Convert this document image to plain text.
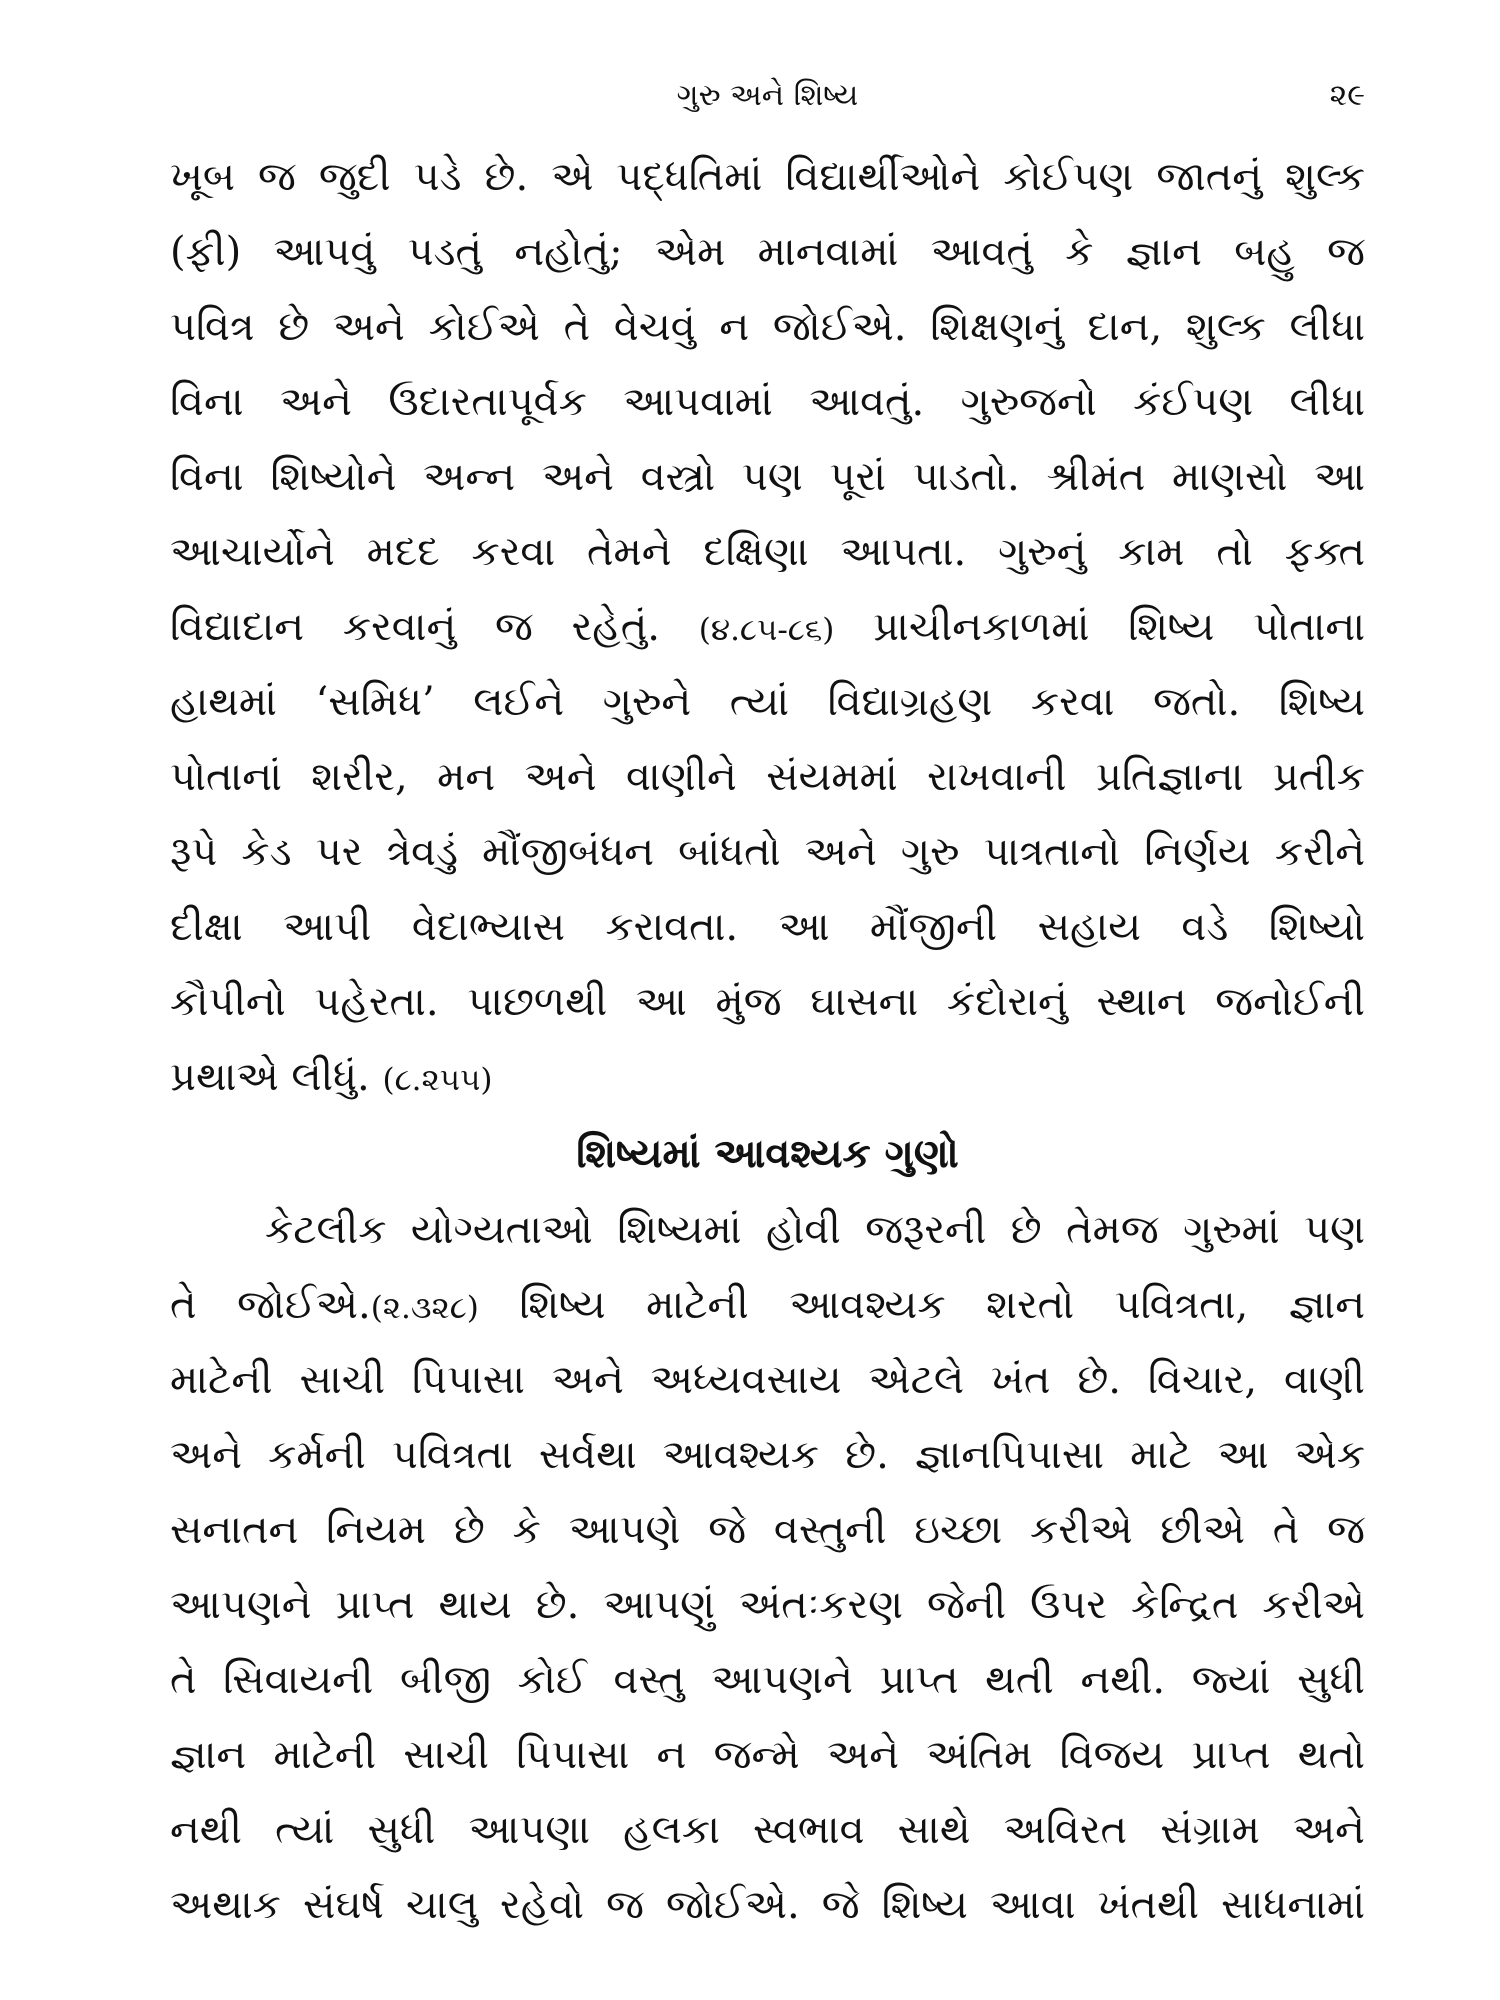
ગુરુ અને શિષ્ય	૨૯
ખૂબ જ જુદી પડે છે. એ પદ્ધતિમાં વિદ્યાર્થીઓને કોઈપણ જાતનું શુલ્ક
(ફી) આપવું પડતું નહોતું; એમ માનવામાં આવતું કે જ્ઞાન બહુ જ
પવિત્ર છે અને કોઈએ તે વેચવું ન જોઈએ. શિક્ષણનું દાન, શુલ્ક લીધા
વિના અને ઉદારતાપૂર્વક આપવામાં આવતું. ગુરુજનો કંઈપણ લીધા
વિના શિષ્યોને અન્ન અને વસ્ત્રો પણ પૂરાં પાડતો. શ્રીમંત માણસો આ
આચાર્યોને મદદ કરવા તેમને દક્ષિણા આપતા. ગુરુનું કામ તો ફક્ત
વિદ્યાદાન કરવાનું જ રહેતું. (૪.૮૫-૮૬) પ્રાચીનકાળમાં શિષ્ય પોતાના
હાથમાં ‘સમિધ’ લઈને ગુરુને ત્યાં વિદ્યાગ્રહણ કરવા જતો. શિષ્ય
પોતાનાં શરીર, મન અને વાણીને સંયમમાં રાખવાની પ્રતિજ્ઞાના પ્રતીક
રૂપે કેડ પર ત્રેવડું મૌંજીબંધન બાંધતો અને ગુરુ પાત્રતાનો નિર્ણય કરીને
દીક્ષા આપી વેદાભ્યાસ કરાવતા. આ મૌંજીની સહાય વડે શિષ્યો
કૌપીનો પહેરતા. પાછળથી આ મુંજ ઘાસના કંદોરાનું સ્થાન જનોઈની
પ્રથાએ લીધું. (૮.૨૫૫)
શિષ્યમાં આવશ્યક ગુણો
કેટલીક યોગ્યતાઓ શિષ્યમાં હોવી જરૂરની છે તેમજ ગુરુમાં પણ
તે જોઈએ.(૨.૩૨૮) શિષ્ય માટેની આવશ્યક શરતો પવિત્રતા, જ્ઞાન
માટેની સાચી પિપાસા અને અધ્યવસાય એટલે ખંત છે. વિચાર, વાણી
અને કર્મની પવિત્રતા સર્વથા આવશ્યક છે. જ્ઞાનપિપાસા માટે આ એક
સનાતન નિયમ છે કે આપણે જે વસ્તુની ઇચ્છા કરીએ છીએ તે જ
આપણને પ્રાપ્ત થાય છે. આપણું અંતઃકરણ જેની ઉપર કેન્દ્રિત કરીએ
તે સિવાયની બીજી કોઈ વસ્તુ આપણને પ્રાપ્ત થતી નથી. જ્યાં સુધી
જ્ઞાન માટેની સાચી પિપાસા ન જન્મે અને અંતિમ વિજય પ્રાપ્ત થતો
નથી ત્યાં સુધી આપણા હલકા સ્વભાવ સાથે અવિરત સંગ્રામ અને
અથાક સંઘર્ષ ચાલુ રહેવો જ જોઈએ. જે શિષ્ય આવા ખંતથી સાધનામાં
